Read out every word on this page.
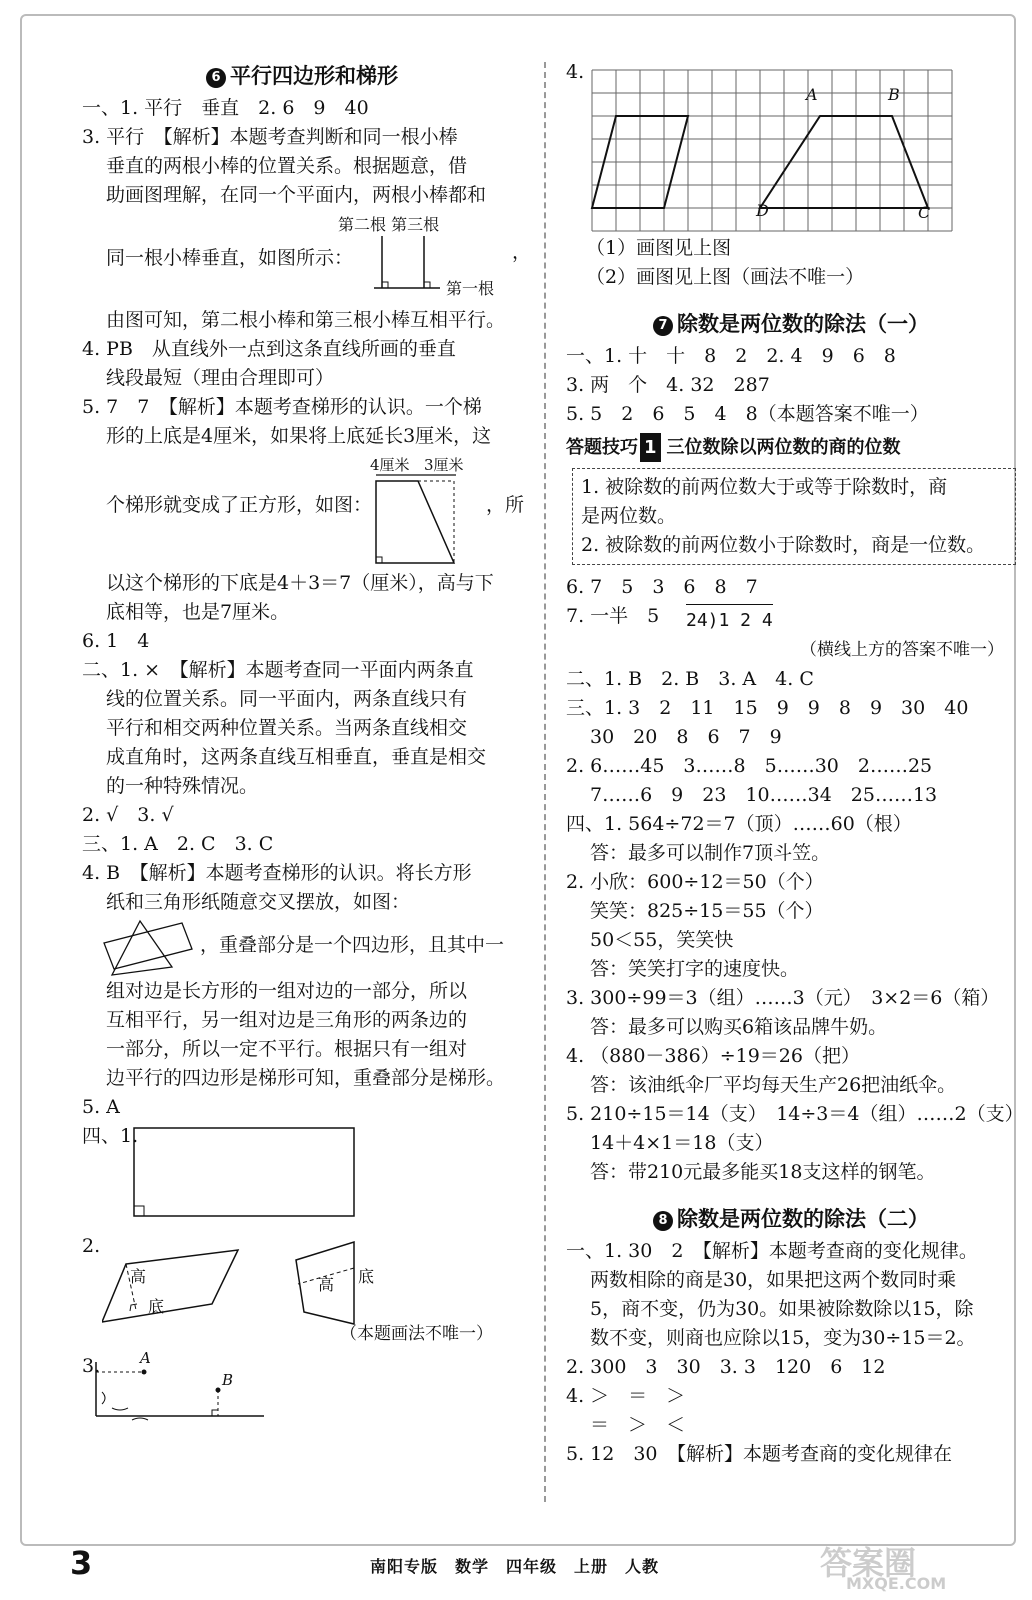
6 平行四边形和梯形
一、1. 平行　垂直　2. 6　9　40
3. 平行　【解析】本题考查判断和同一根小棒
垂直的两根小棒的位置关系。根据题意，借
助画图理解，在同一个平面内，两根小棒都和
第二根 第三根
同一根小棒垂直，如图所示：	，
第一根
由图可知，第二根小棒和第三根小棒互相平行。
4. PB　从直线外一点到这条直线所画的垂直
线段最短（理由合理即可）
5. 7　7　【解析】本题考查梯形的认识。一个梯
形的上底是4厘米，如果将上底延长3厘米，这
4厘米 3厘米
个梯形就变成了正方形，如图：	，所
以这个梯形的下底是4＋3＝7（厘米），高与下
底相等，也是7厘米。
6. 1　4
二、1. ×　【解析】本题考查同一平面内两条直
线的位置关系。同一平面内，两条直线只有
平行和相交两种位置关系。当两条直线相交
成直角时，这两条直线互相垂直，垂直是相交
的一种特殊情况。
2. √　3. √
三、1. A　2. C　3. C
4. B　【解析】本题考查梯形的认识。将长方形
纸和三角形纸随意交叉摆放，如图：
，重叠部分是一个四边形，且其中一
组对边是长方形的一组对边的一部分，所以
互相平行，另一组对边是三角形的两条边的
一部分，所以一定不平行。根据只有一组对
边平行的四边形是梯形可知，重叠部分是梯形。
5. A
四、1.
2.
高
底
高 底
（本题画法不唯一）
3.	A
B
4.
A	B
C
D
（1）画图见上图
（2）画图见上图（画法不唯一）
7 除数是两位数的除法（一）
一、1. 十　十　8　2　2. 4　9　6　8
3. 两　个　4. 32　287
5. 5　2　6　5　4　8（本题答案不唯一）
答题技巧 1 三位数除以两位数的商的位数
1. 被除数的前两位数大于或等于除数时，商
是两位数。
2. 被除数的前两位数小于除数时，商是一位数。
6. 7　5　3　6　8　7
7. 一半　5 24)1 2 4
（横线上方的答案不唯一）
二、1. B　2. B　3. A　4. C
三、1. 3　2　11　15　9　9　8　9　30　40
30　20　8　6　7　9
2. 6……45　3……8　5……30　2……25
7……6　9　23　10……34　25……13
四、1. 564÷72＝7（顶）……60（根）
答：最多可以制作7顶斗笠。
2. 小欣：600÷12＝50（个）
笑笑：825÷15＝55（个）
50＜55，笑笑快
答：笑笑打字的速度快。
3. 300÷99＝3（组）……3（元）　3×2＝6（箱）
答：最多可以购买6箱该品牌牛奶。
4. （880－386）÷19＝26（把）
答：该油纸伞厂平均每天生产26把油纸伞。
5. 210÷15＝14（支）　14÷3＝4（组）……2（支）
14＋4×1＝18（支）
答：带210元最多能买18支这样的钢笔。
8 除数是两位数的除法（二）
一、1. 30　2　【解析】本题考查商的变化规律。
两数相除的商是30，如果把这两个数同时乘
5，商不变，仍为30。如果被除数除以15，除
数不变，则商也应除以15，变为30÷15＝2。
2. 300　3　30　3. 3　120　6　12
4. ＞　＝　＞
＝　＞　＜
5. 12　30　【解析】本题考查商的变化规律在
3	南阳专版　数学　四年级　上册　人教	答案圈
MXQE.COM
